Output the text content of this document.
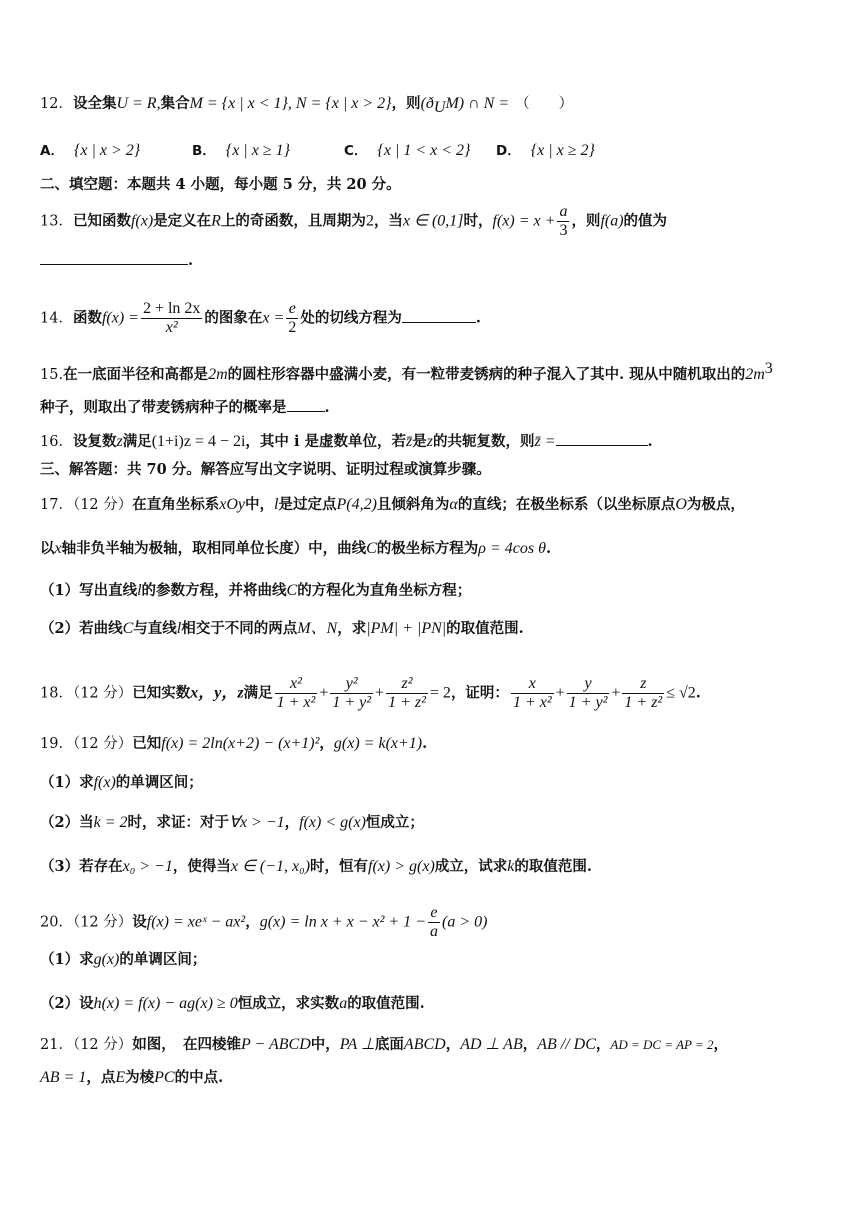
12．设全集U = R,集合M = {x | x < 1}, N = {x | x > 2}，则$(ð_UM)$ ∩ N = （　　）
A． {x | x > 2}	B． {x | x ≥ 1}	C． {x | 1 < x < 2} D． {x | x ≥ 2}
二、填空题：本题共 4 小题，每小题 5 分，共 20 分。
13．已知函数f(x)是定义在R上的奇函数，且周期为2，当x ∈ (0,1]时，$f(x) = x + \frac{a}{3}$ ，则f(a)的值为
.
14．函数$f(x) = \frac{2 + \ln 2x}{\text{x²}}$ 的图象在$x = \frac{e}{2}$ 处的切线方程为	.
15.在一底面半径和高都是2m的圆柱形容器中盛满小麦，有一粒带麦锈病的种子混入了其中. 现从中随机取出的$2m^3$
种子，则取出了带麦锈病种子的概率是	.
16．设复数z满足(1+i)z = 4 − 2i，其中 i 是虚数单位，若z̄是z的共轭复数，则z̄ =	.
三、解答题：共 70 分。解答应写出文字说明、证明过程或演算步骤。
17．（12 分）在直角坐标系xOy中，l是过定点P(4,2)且倾斜角为α的直线；在极坐标系（以坐标原点O为极点，
以x轴非负半轴为极轴，取相同单位长度）中，曲线C的极坐标方程为ρ = 4cos θ.
（1）写出直线l的参数方程，并将曲线C的方程化为直角坐标方程；
（2）若曲线C与直线l相交于不同的两点M、N，求|PM| + |PN|的取值范围.
18．（12 分）已知实数x，y，z满足 $\frac{\text{x²}}{\text{1 + x²}} + \frac{\text{y²}}{\text{1 + y²}} + \frac{\text{z²}}{\text{1 + z²}} = 2$，证明： $\frac{x}{\text{1 + x²}} + \frac{y}{\text{1 + y²}} + \frac{z}{\text{1 + z²}} \le √2$.
19．（12 分）已知f(x) = 2ln(x+2) − (x+1)²，g(x) = k(x+1).
（1）求f(x)的单调区间；
（2）当k = 2时，求证：对于∀x > −1，f(x) < g(x)恒成立；
（3）若存在x₀ > −1，使得当x ∈ (−1, x₀)时，恒有f(x) > g(x)成立，试求k的取值范围.
20．（12 分）设f(x) = xeˣ − ax²，$g(x) = \ln x + x - x^2 + 1 - \frac{e}{a} (a > 0)$
（1）求g(x)的单调区间；
（2）设h(x) = f(x) − ag(x) ≥ 0恒成立，求实数a的取值范围.
21．（12 分）如图，　在四棱锥P − ABCD中，PA ⊥底面ABCD，AD ⊥ AB，AB // DC，AD = DC = AP = 2，
AB = 1，点E为棱PC的中点.
